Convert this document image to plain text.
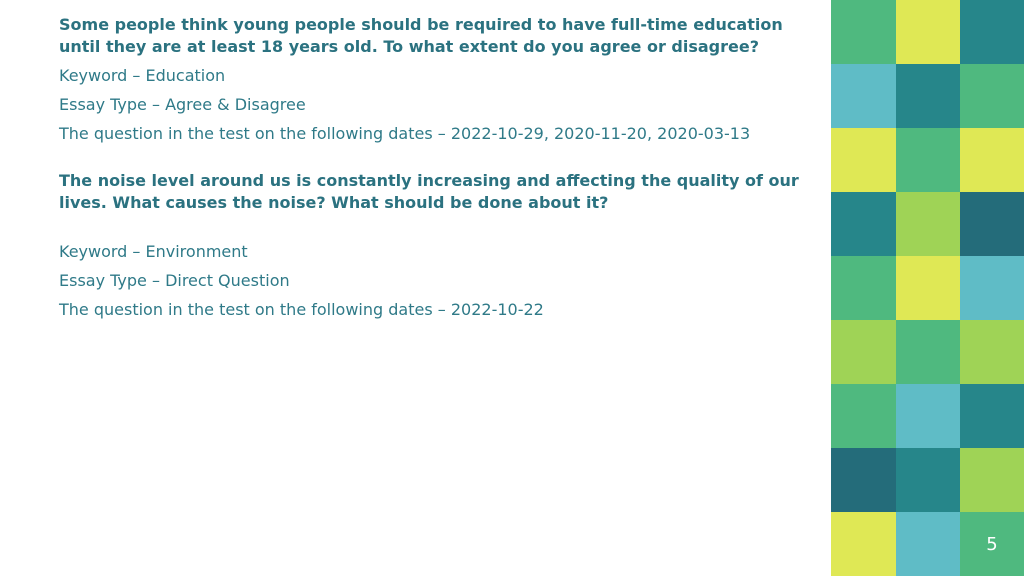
Some people think young people should be required to have full-time education until they are at least 18 years old. To what extent do you agree or disagree?

Keyword – Education

Essay Type – Agree & Disagree

The question in the test on the following dates – 2022-10-29, 2020-11-20, 2020-03-13

The noise level around us is constantly increasing and affecting the quality of our lives. What causes the noise? What should be done about it?

Keyword – Environment

Essay Type – Direct Question

The question in the test on the following dates – 2022-10-22

5
